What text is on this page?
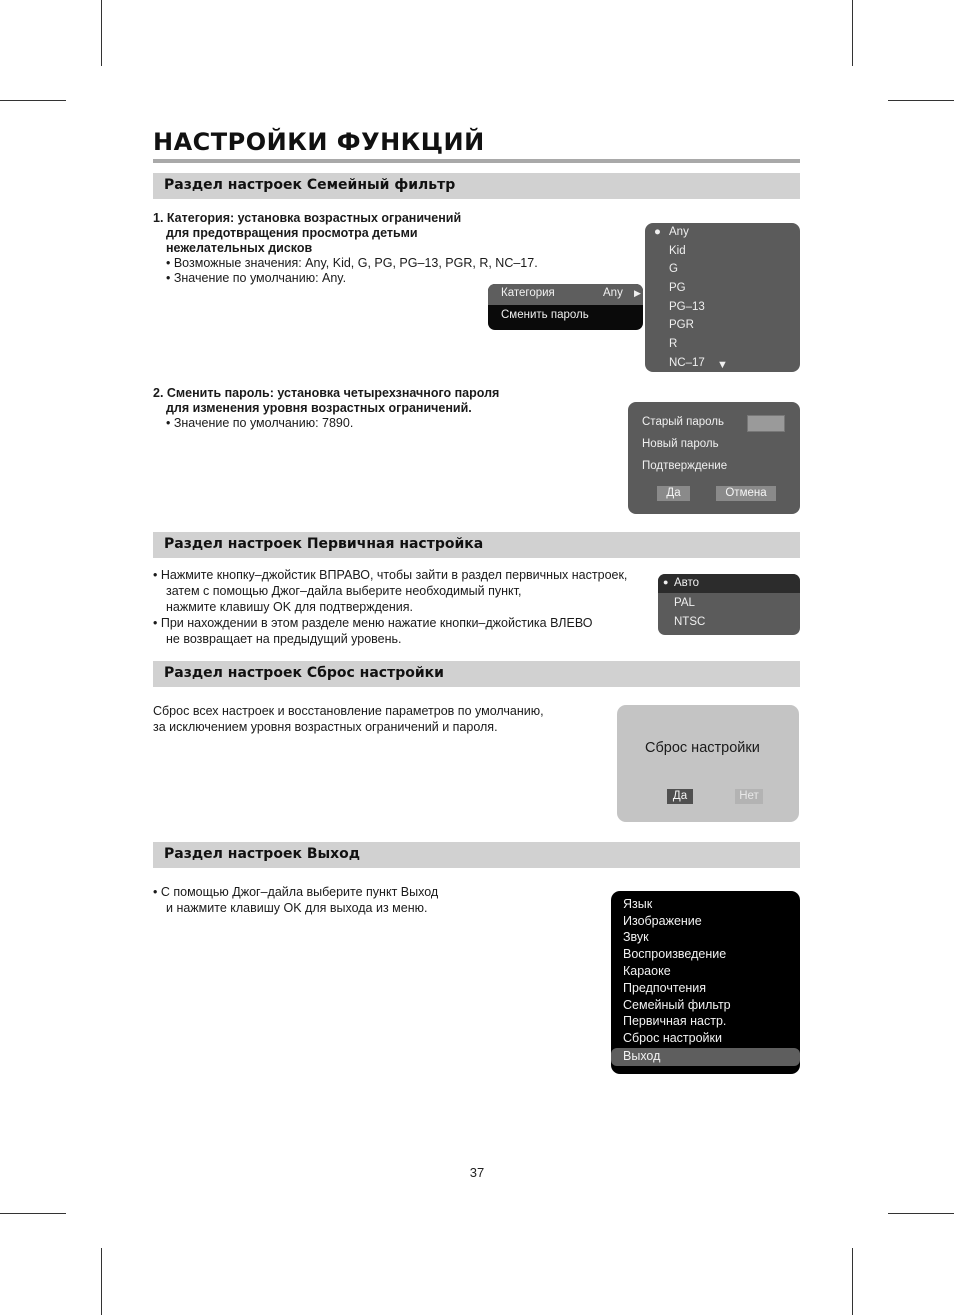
НАСТРОЙКИ ФУНКЦИЙ
Раздел настроек Семейный фильтр
1. Категория: установка возрастных ограничений
для предотвращения просмотра детьми
нежелательных дисков
• Возможные значения: Any, Kid, G, PG, PG–13, PGR, R, NC–17.
• Значение по умолчанию: Any.
Категория	Any ▶
Сменить пароль
● Any
Kid
G
PG
PG–13
PGR
R
NC–17 ▼
2. Сменить пароль: установка четырехзначного пароля
для изменения уровня возрастных ограничений.
• Значение по умолчанию: 7890.	Старый пароль
Новый пароль
Подтверждение
Да	Отмена
Раздел настроек Первичная настройка
• Нажмите кнопку–джойстик ВПРАВО, чтобы зайти в раздел первичных настроек,
затем с помощью Джог–дайла выберите необходимый пункт,
нажмите клавишу OK для подтверждения.
• При нахождении в этом разделе меню нажатие кнопки–джойстика ВЛЕВО
не возвращает на предыдущий уровень.
● Авто
PAL
NTSC
Раздел настроек Сброс настройки
Сброс всех настроек и восстановление параметров по умолчанию,
за исключением уровня возрастных ограничений и пароля.
Сброс настройки
Да	Нет
Раздел настроек Выход
• С помощью Джог–дайла выберите пункт Выход
и нажмите клавишу OK для выхода из меню.	Язык
Изображение
Звук
Воспроизведение
Караоке
Предпочтения
Семейный фильтр
Первичная настр.
Сброс настройки
Выход
37
